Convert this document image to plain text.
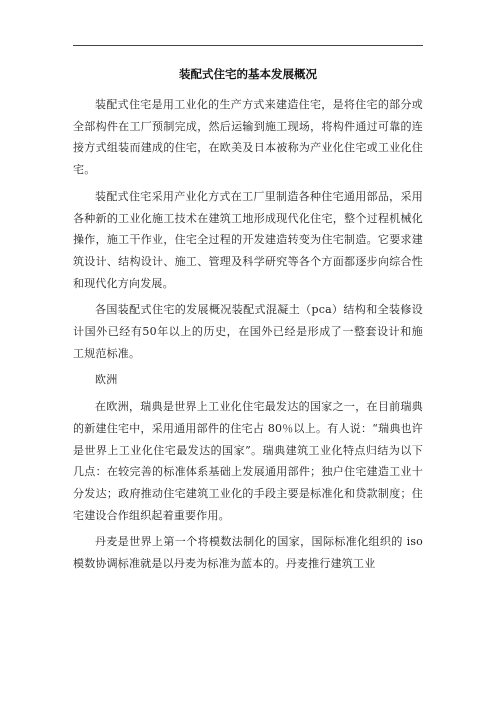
装配式住宅的基本发展概况

装配式住宅是用工业化的生产方式来建造住宅，是将住宅的部分或全部构件在工厂预制完成，然后运输到施工现场，将构件通过可靠的连接方式组装而建成的住宅，在欧美及日本被称为产业化住宅或工业化住宅。

装配式住宅采用产业化方式在工厂里制造各种住宅通用部品，采用各种新的工业化施工技术在建筑工地形成现代化住宅，整个过程机械化操作，施工干作业，住宅全过程的开发建造转变为住宅制造。它要求建筑设计、结构设计、施工、管理及科学研究等各个方面都逐步向综合性和现代化方向发展。

各国装配式住宅的发展概况装配式混凝土（pca）结构和全装修设计国外已经有50年以上的历史，在国外已经是形成了一整套设计和施工规范标准。

欧洲

在欧洲，瑞典是世界上工业化住宅最发达的国家之一，在目前瑞典的新建住宅中，采用通用部件的住宅占 80％以上。有人说：“瑞典也许是世界上工业化住宅最发达的国家”。瑞典建筑工业化特点归结为以下几点：在较完善的标准体系基础上发展通用部件；独户住宅建造工业十分发达；政府推动住宅建筑工业化的手段主要是标准化和贷款制度；住宅建设合作组织起着重要作用。

丹麦是世界上第一个将模数法制化的国家，国际标准化组织的 iso 模数协调标准就是以丹麦为标准为蓝本的。丹麦推行建筑工业
